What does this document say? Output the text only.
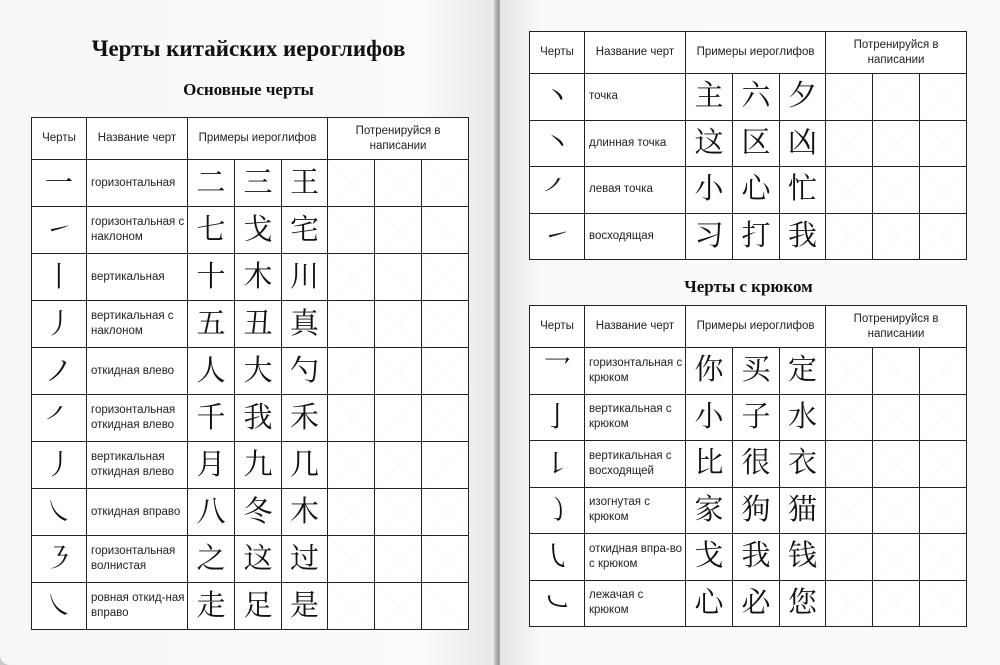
Черты китайских иероглифов
Основные черты
Черты	Название черт	Примеры иероглифов			Потренируйся в написании		
一	горизонтальная	二	三	王			
㇀	горизонтальная с наклоном	七	戈	宅			
丨	вертикальная	十	木	川			
丿	вертикальная с наклоном	五	丑	真			
ノ	откидная влево	人	大	勺			
㇒	горизонтальная откидная влево	千	我	禾			
丿	вертикальная откидная влево	月	九	几			
㇏	откидная вправо	八	冬	木			
㇋	горизонтальная волнистая	之	这	过			
㇏	ровная откид-ная вправо	走	足	是			
Черты с крюком
Черты	Название черт	Примеры иероглифов			Потренируйся в написании		
丶	точка	主	六	夕			
㇔	длинная точка	这	区	凶			
㇒	левая точка	小	心	忙			
㇀	восходящая	习	打	我			
Черты	Название черт	Примеры иероглифов			Потренируйся в написании		
乛	горизонтальная с крюком	你	买	定			
亅	вертикальная с крюком	小	子	水			
㇙	вертикальная с восходящей	比	很	衣			
㇁	изогнутая с крюком	家	狗	猫			
㇂	откидная впра-во с крюком	戈	我	钱			
㇃	лежачая с крюком	心	必	您			
